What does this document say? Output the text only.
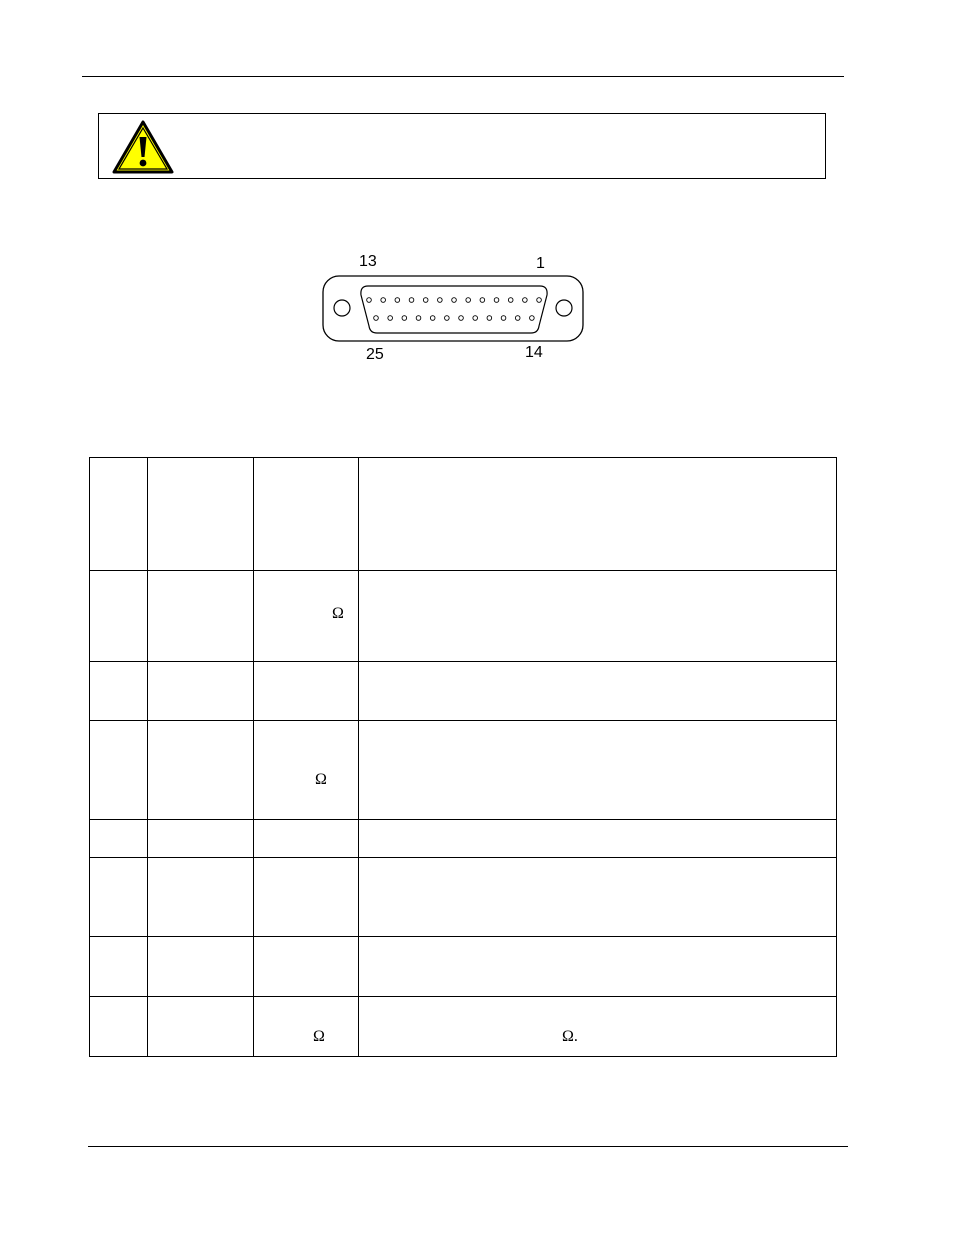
13	1
25	14

		Ω	

		Ω	

		Ω	Ω.
